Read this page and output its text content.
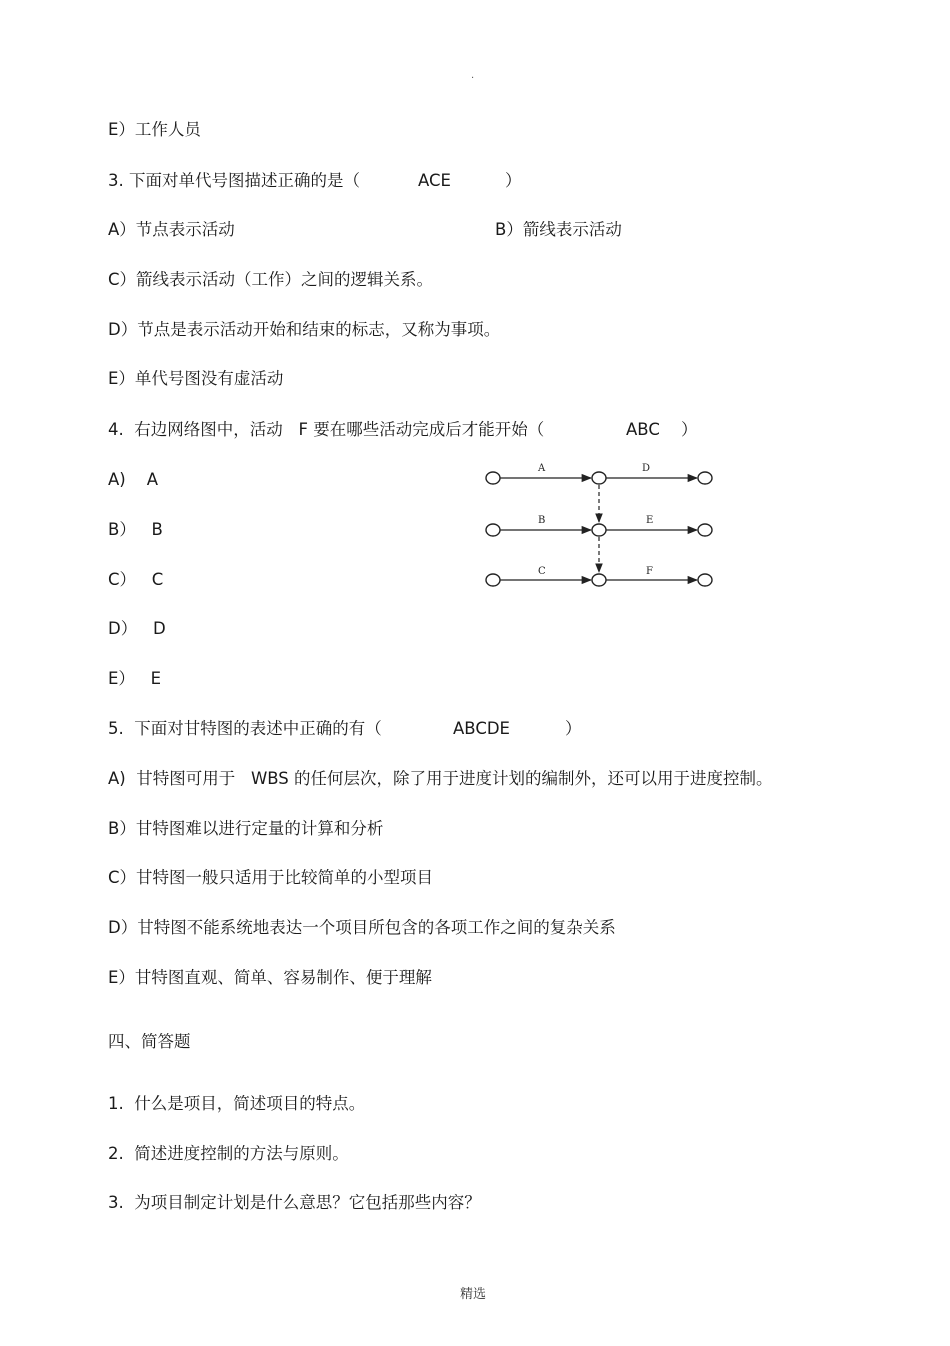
.
E）工作人员
3. 下面对单代号图描述正确的是（	ACE	）
A）节点表示活动	B）箭线表示活动
C）箭线表示活动（工作）之间的逻辑关系。
D）节点是表示活动开始和结束的标志，又称为事项。
E）单代号图没有虚活动
4.  右边网络图中，活动   F 要在哪些活动完成后才能开始（	ABC ）
A)    A
B）   B
C）   C
D）   D
E）   E
A	D
B	E
C	F
5.  下面对甘特图的表述中正确的有（	ABCDE	）
A)  甘特图可用于   WBS 的任何层次，除了用于进度计划的编制外，还可以用于进度控制。
B）甘特图难以进行定量的计算和分析
C）甘特图一般只适用于比较简单的小型项目
D）甘特图不能系统地表达一个项目所包含的各项工作之间的复杂关系
E）甘特图直观、简单、容易制作、便于理解
四、简答题
1.  什么是项目，简述项目的特点。
2.  简述进度控制的方法与原则。
3.  为项目制定计划是什么意思？它包括那些内容？
精选
